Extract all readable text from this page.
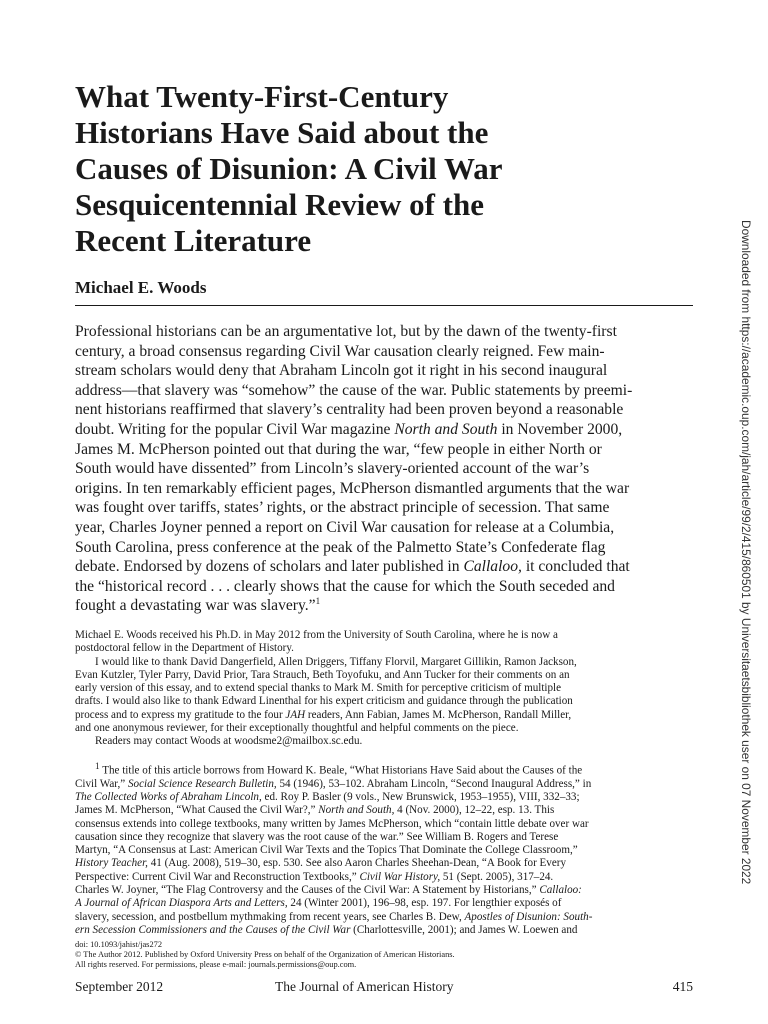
What Twenty-First-Century
Historians Have Said about the
Causes of Disunion: A Civil War
Sesquicentennial Review of the
Recent Literature
Michael E. Woods
Professional historians can be an argumentative lot, but by the dawn of the twenty-first
century, a broad consensus regarding Civil War causation clearly reigned. Few main-
stream scholars would deny that Abraham Lincoln got it right in his second inaugural
address—that slavery was “somehow” the cause of the war. Public statements by preemi-
nent historians reaffirmed that slavery’s centrality had been proven beyond a reasonable
doubt. Writing for the popular Civil War magazine North and South in November 2000,
James M. McPherson pointed out that during the war, “few people in either North or
South would have dissented” from Lincoln’s slavery-oriented account of the war’s
origins. In ten remarkably efficient pages, McPherson dismantled arguments that the war
was fought over tariffs, states’ rights, or the abstract principle of secession. That same
year, Charles Joyner penned a report on Civil War causation for release at a Columbia,
South Carolina, press conference at the peak of the Palmetto State’s Confederate flag
debate. Endorsed by dozens of scholars and later published in Callaloo, it concluded that
the “historical record . . . clearly shows that the cause for which the South seceded and
fought a devastating war was slavery.”$^1$
Michael E. Woods received his Ph.D. in May 2012 from the University of South Carolina, where he is now a
postdoctoral fellow in the Department of History.
I would like to thank David Dangerfield, Allen Driggers, Tiffany Florvil, Margaret Gillikin, Ramon Jackson,
Evan Kutzler, Tyler Parry, David Prior, Tara Strauch, Beth Toyofuku, and Ann Tucker for their comments on an
early version of this essay, and to extend special thanks to Mark M. Smith for perceptive criticism of multiple
drafts. I would also like to thank Edward Linenthal for his expert criticism and guidance through the publication
process and to express my gratitude to the four JAH readers, Ann Fabian, James M. McPherson, Randall Miller,
and one anonymous reviewer, for their exceptionally thoughtful and helpful comments on the piece.
Readers may contact Woods at woodsme2@mailbox.sc.edu.
$^1$ The title of this article borrows from Howard K. Beale, “What Historians Have Said about the Causes of the
Civil War,” Social Science Research Bulletin, 54 (1946), 53–102. Abraham Lincoln, “Second Inaugural Address,” in
The Collected Works of Abraham Lincoln, ed. Roy P. Basler (9 vols., New Brunswick, 1953–1955), VIII, 332–33;
James M. McPherson, “What Caused the Civil War?,” North and South, 4 (Nov. 2000), 12–22, esp. 13. This
consensus extends into college textbooks, many written by James McPherson, which “contain little debate over war
causation since they recognize that slavery was the root cause of the war.” See William B. Rogers and Terese
Martyn, “A Consensus at Last: American Civil War Texts and the Topics That Dominate the College Classroom,”
History Teacher, 41 (Aug. 2008), 519–30, esp. 530. See also Aaron Charles Sheehan-Dean, “A Book for Every
Perspective: Current Civil War and Reconstruction Textbooks,” Civil War History, 51 (Sept. 2005), 317–24.
Charles W. Joyner, “The Flag Controversy and the Causes of the Civil War: A Statement by Historians,” Callaloo:
A Journal of African Diaspora Arts and Letters, 24 (Winter 2001), 196–98, esp. 197. For lengthier exposés of
slavery, secession, and postbellum mythmaking from recent years, see Charles B. Dew, Apostles of Disunion: South-
ern Secession Commissioners and the Causes of the Civil War (Charlottesville, 2001); and James W. Loewen and
doi: 10.1093/jahist/jas272
© The Author 2012. Published by Oxford University Press on behalf of the Organization of American Historians.
All rights reserved. For permissions, please e-mail: journals.permissions@oup.com.
September 2012	The Journal of American History	415
Downloaded from https://academic.oup.com/jah/article/99/2/415/860501 by Universitaetsbibliothek user on 07 November 2022
